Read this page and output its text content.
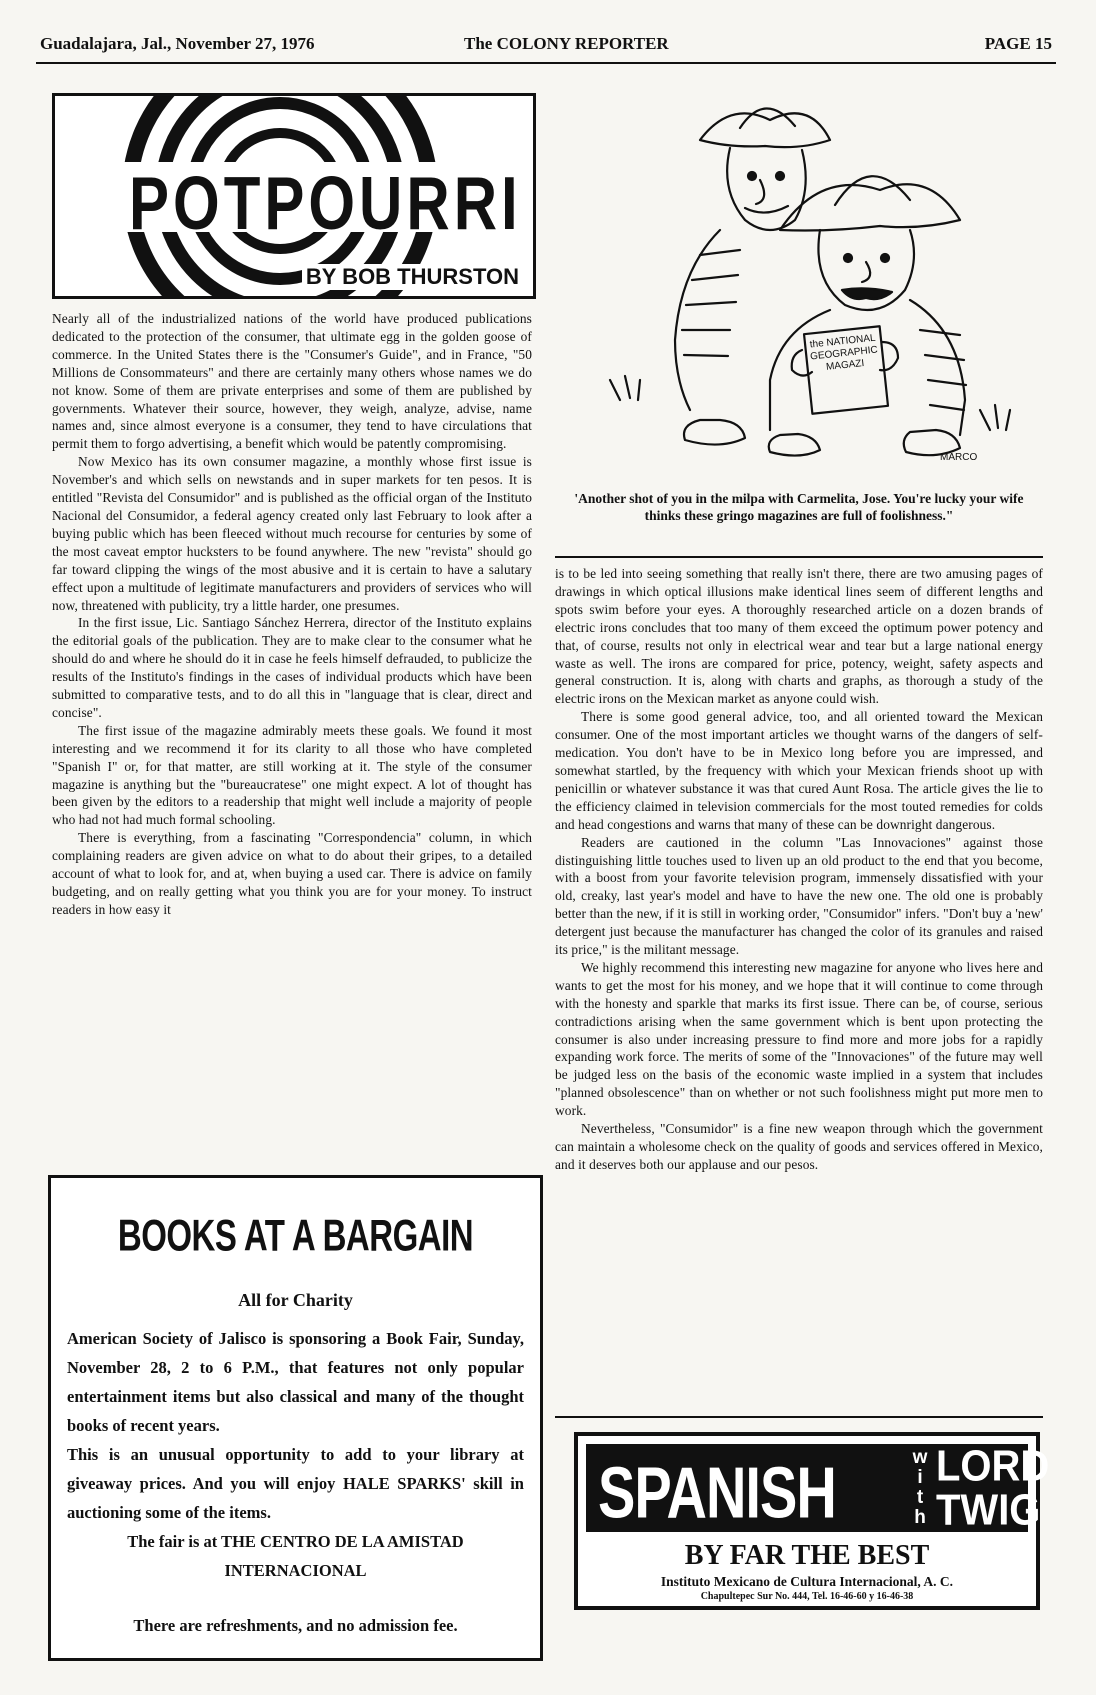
Guadalajara, Jal., November 27, 1976	The COLONY REPORTER	PAGE 15
POTPOURRI
BY BOB THURSTON

Nearly all of the industrialized nations of the world have produced publications dedicated to the protection of the consumer, that ultimate egg in the golden goose of commerce. In the United States there is the "Consumer's Guide", and in France, "50 Millions de Consommateurs" and there are certainly many others whose names we do not know. Some of them are private enterprises and some of them are published by governments. Whatever their source, however, they weigh, analyze, advise, name names and, since almost everyone is a consumer, they tend to have circulations that permit them to forgo advertising, a benefit which would be patently compromising.

Now Mexico has its own consumer magazine, a monthly whose first issue is November's and which sells on newstands and in super markets for ten pesos. It is entitled "Revista del Consumidor" and is published as the official organ of the Instituto Nacional del Consumidor, a federal agency created only last February to look after a buying public which has been fleeced without much recourse for centuries by some of the most caveat emptor hucksters to be found anywhere. The new "revista" should go far toward clipping the wings of the most abusive and it is certain to have a salutary effect upon a multitude of legitimate manufacturers and providers of services who will now, threatened with publicity, try a little harder, one presumes.

In the first issue, Lic. Santiago Sánchez Herrera, director of the Instituto explains the editorial goals of the publication. They are to make clear to the consumer what he should do and where he should do it in case he feels himself defrauded, to publicize the results of the Instituto's findings in the cases of individual products which have been submitted to comparative tests, and to do all this in "language that is clear, direct and concise".

The first issue of the magazine admirably meets these goals. We found it most interesting and we recommend it for its clarity to all those who have completed "Spanish I" or, for that matter, are still working at it. The style of the consumer magazine is anything but the "bureaucratese" one might expect. A lot of thought has been given by the editors to a readership that might well include a majority of people who had not had much formal schooling.

There is everything, from a fascinating "Correspondencia" column, in which complaining readers are given advice on what to do about their gripes, to a detailed account of what to look for, and at, when buying a used car. There is advice on family budgeting, and on really getting what you think you are for your money. To instruct readers in how easy it

the NATIONAL GEOGRAPHIC MAGAZI
MARCO
'Another shot of you in the milpa with Carmelita, Jose. You're lucky your wife thinks these gringo magazines are full of foolishness."

is to be led into seeing something that really isn't there, there are two amusing pages of drawings in which optical illusions make identical lines seem of different lengths and spots swim before your eyes. A thoroughly researched article on a dozen brands of electric irons concludes that too many of them exceed the optimum power potency and that, of course, results not only in electrical wear and tear but a large national energy waste as well. The irons are compared for price, potency, weight, safety aspects and general construction. It is, along with charts and graphs, as thorough a study of the electric irons on the Mexican market as anyone could wish.

There is some good general advice, too, and all oriented toward the Mexican consumer. One of the most important articles we thought warns of the dangers of self-medication. You don't have to be in Mexico long before you are impressed, and somewhat startled, by the frequency with which your Mexican friends shoot up with penicillin or whatever substance it was that cured Aunt Rosa. The article gives the lie to the efficiency claimed in television commercials for the most touted remedies for colds and head congestions and warns that many of these can be downright dangerous.

Readers are cautioned in the column "Las Innovaciones" against those distinguishing little touches used to liven up an old product to the end that you become, with a boost from your favorite television program, immensely dissatisfied with your old, creaky, last year's model and have to have the new one. The old one is probably better than the new, if it is still in working order, "Consumidor" infers. "Don't buy a 'new' detergent just because the manufacturer has changed the color of its granules and raised its price," is the militant message.

We highly recommend this interesting new magazine for anyone who lives here and wants to get the most for his money, and we hope that it will continue to come through with the honesty and sparkle that marks its first issue. There can be, of course, serious contradictions arising when the same government which is bent upon protecting the consumer is also under increasing pressure to find more and more jobs for a rapidly expanding work force. The merits of some of the "Innovaciones" of the future may well be judged less on the basis of the economic waste implied in a system that includes "planned obsolescence" than on whether or not such foolishness might put more men to work.

Nevertheless, "Consumidor" is a fine new weapon through which the government can maintain a wholesome check on the quality of goods and services offered in Mexico, and it deserves both our applause and our pesos.

BOOKS AT A BARGAIN
All for Charity

American Society of Jalisco is sponsoring a Book Fair, Sunday, November 28, 2 to 6 P.M., that features not only popular entertainment items but also classical and many of the thought books of recent years.

This is an unusual opportunity to add to your library at giveaway prices. And you will enjoy HALE SPARKS' skill in auctioning some of the items.

The fair is at THE CENTRO DE LA AMISTAD INTERNACIONAL

There are refreshments, and no admission fee.
SPANISH	w
i
t
h
LORD
TWIG
BY FAR THE BEST
Instituto Mexicano de Cultura Internacional, A. C.
Chapultepec Sur No. 444, Tel. 16-46-60 y 16-46-38
